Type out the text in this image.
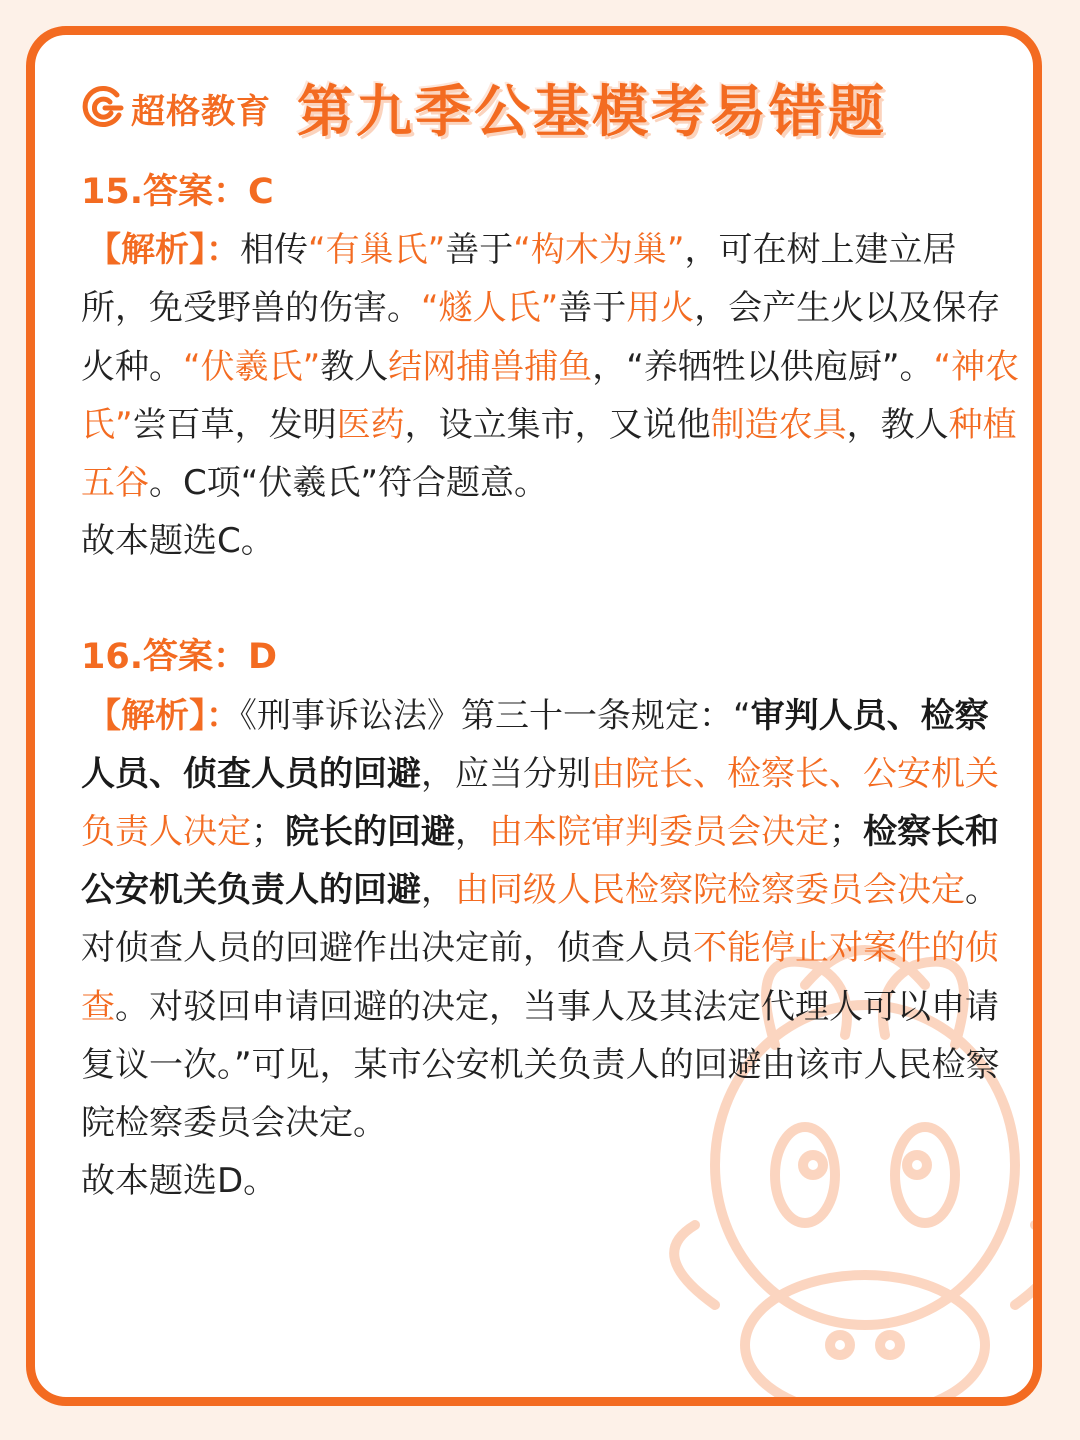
超格教育 第九季公基模考易错题

15.答案：C

【解析】：相传“有巢氏”善于“构木为巢”，可在树上建立居所，免受野兽的伤害。“燧人氏”善于用火，会产生火以及保存火种。“伏羲氏”教人结网捕兽捕鱼，“养牺牲以供庖厨”。“神农氏”尝百草，发明医药，设立集市，又说他制造农具，教人种植五谷。C项“伏羲氏”符合题意。

故本题选C。

16.答案：D

【解析】：《刑事诉讼法》第三十一条规定：“审判人员、检察人员、侦查人员的回避，应当分别由院长、检察长、公安机关负责人决定；院长的回避，由本院审判委员会决定；检察长和公安机关负责人的回避，由同级人民检察院检察委员会决定。对侦查人员的回避作出决定前，侦查人员不能停止对案件的侦查。对驳回申请回避的决定，当事人及其法定代理人可以申请复议一次。”可见，某市公安机关负责人的回避由该市人民检察院检察委员会决定。

故本题选D。
